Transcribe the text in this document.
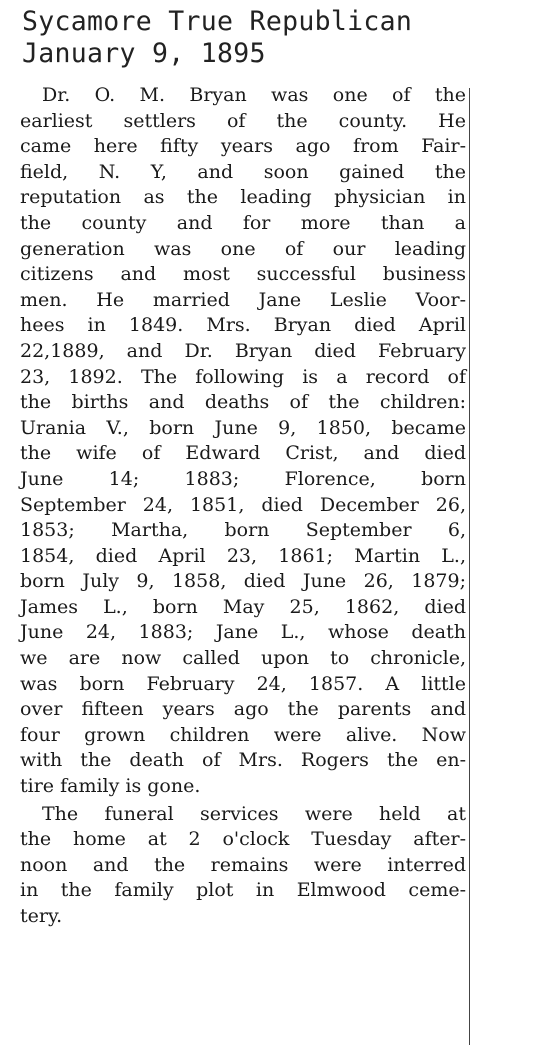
Sycamore True Republican
January 9, 1895
Dr. O. M. Bryan was one of the
earliest settlers of the county. He
came here fifty years ago from Fair-
field, N. Y, and soon gained the
reputation as the leading physician in
the county and for more than a
generation was one of our leading
citizens and most successful business
men. He married Jane Leslie Voor-
hees in 1849. Mrs. Bryan died April
22,1889, and Dr. Bryan died February
23, 1892. The following is a record of
the births and deaths of the children:
Urania V., born June 9, 1850, became
the wife of Edward Crist, and died
June 14; 1883; Florence, born
September 24, 1851, died December 26,
1853; Martha, born September 6,
1854, died April 23, 1861; Martin L.,
born July 9, 1858, died June 26, 1879;
James L., born May 25, 1862, died
June 24, 1883; Jane L., whose death
we are now called upon to chronicle,
was born February 24, 1857. A little
over fifteen years ago the parents and
four grown children were alive. Now
with the death of Mrs. Rogers the en-
tire family is gone.
The funeral services were held at
the home at 2 o'clock Tuesday after-
noon and the remains were interred
in the family plot in Elmwood ceme-
tery.
